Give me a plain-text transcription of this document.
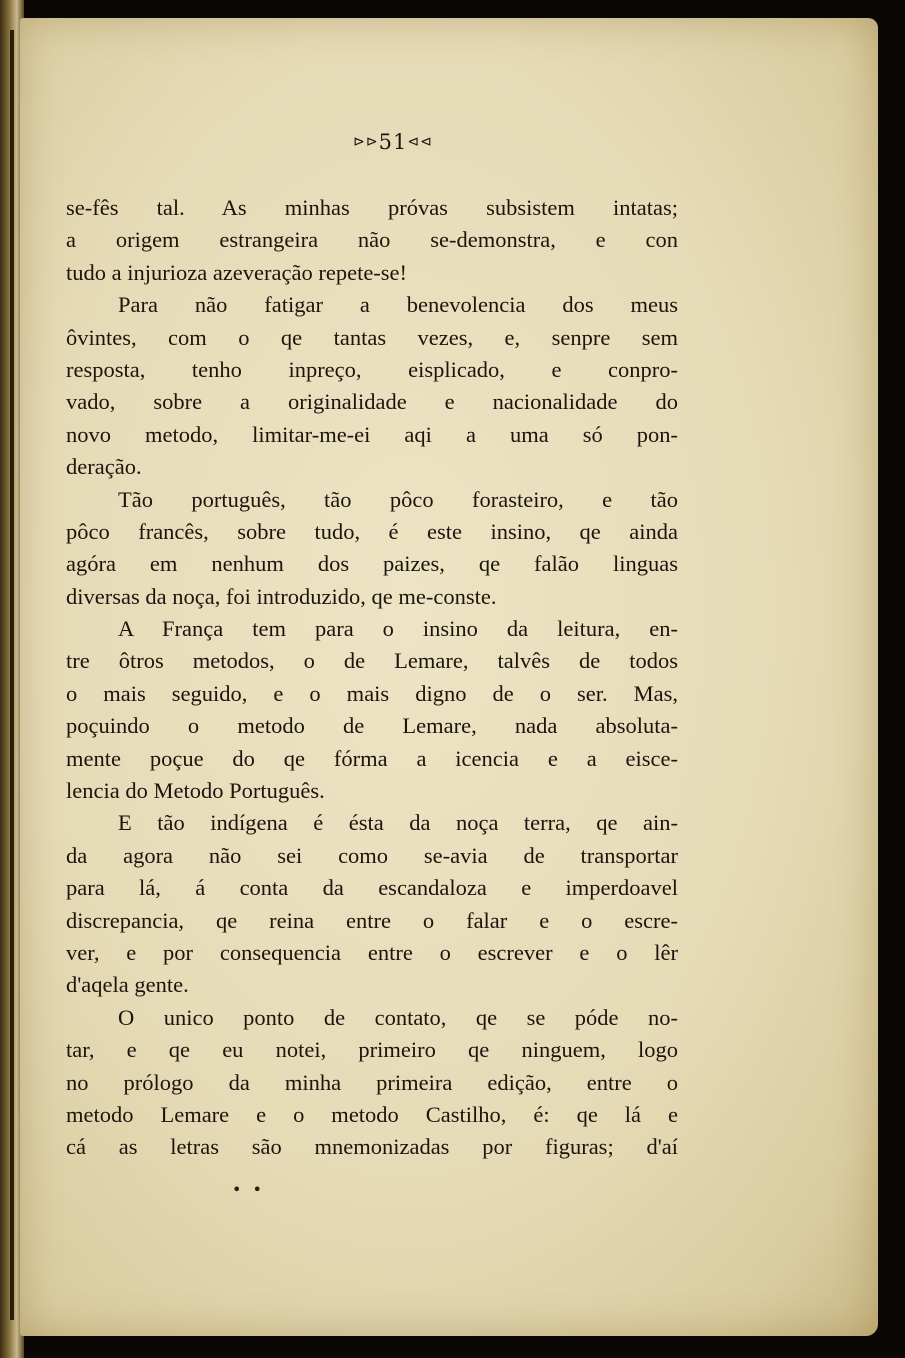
⊳⊳51⊲⊲
se-fês tal. As minhas próvas subsistem intatas;
a origem estrangeira não se-demonstra, e con
tudo a injurioza azeveração repete-se!
Para não fatigar a benevolencia dos meus
ôvintes, com o qe tantas vezes, e, senpre sem
resposta, tenho inpreço, eisplicado, e conpro-
vado, sobre a originalidade e nacionalidade do
novo metodo, limitar-me-ei aqi a uma só pon-
deração.
Tão português, tão pôco forasteiro, e tão
pôco francês, sobre tudo, é este insino, qe ainda
agóra em nenhum dos paizes, qe falão linguas
diversas da noça, foi introduzido, qe me-conste.
A França tem para o insino da leitura, en-
tre ôtros metodos, o de Lemare, talvês de todos
o mais seguido, e o mais digno de o ser. Mas,
poçuindo o metodo de Lemare, nada absoluta-
mente poçue do qe fórma a icencia e a eisce-
lencia do Metodo Português.
E tão indígena é ésta da noça terra, qe ain-
da agora não sei como se-avia de transportar
para lá, á conta da escandaloza e imperdoavel
discrepancia, qe reina entre o falar e o escre-
ver, e por consequencia entre o escrever e o lêr
d'aqela gente.
O unico ponto de contato, qe se póde no-
tar, e qe eu notei, primeiro qe ninguem, logo
no prólogo da minha primeira edição, entre o
metodo Lemare e o metodo Castilho, é: qe lá e
cá as letras são mnemonizadas por figuras; d'aí
• •
